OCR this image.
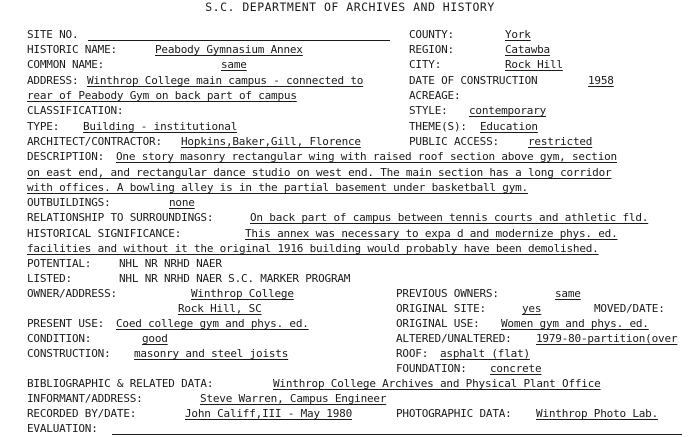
S.C. DEPARTMENT OF ARCHIVES AND HISTORY
SITE NO.	COUNTY:	York
HISTORIC NAME:	Peabody Gymnasium Annex	REGION:	Catawba
COMMON NAME:	same	CITY:	Rock Hill
ADDRESS: Winthrop College main campus - connected to	DATE OF CONSTRUCTION	1958
rear of Peabody Gym on back part of campus	ACREAGE:
CLASSIFICATION:	STYLE: contemporary
TYPE: Building - institutional	THEME(S): Education
ARCHITECT/CONTRACTOR: Hopkins,Baker,Gill, Florence	PUBLIC ACCESS:	restricted
DESCRIPTION: One story masonry rectangular wing with raised roof section above gym, section
on east end, and rectangular dance studio on west end. The main section has a long corridor
with offices. A bowling alley is in the partial basement under basketball gym.
OUTBUILDINGS:	none
RELATIONSHIP TO SURROUNDINGS:	On back part of campus between tennis courts and athletic fld.
HISTORICAL SIGNIFICANCE:	This annex was necessary to expa d and modernize phys. ed.
facilities and without it the original 1916 building would probably have been demolished.
POTENTIAL:	NHL NR NRHD NAER
LISTED:	NHL NR NRHD NAER S.C. MARKER PROGRAM
OWNER/ADDRESS:	Winthrop College	PREVIOUS OWNERS:	same
Rock Hill, SC	ORIGINAL SITE:	yes	MOVED/DATE:
PRESENT USE: Coed college gym and phys. ed.	ORIGINAL USE: Women gym and phys. ed.
CONDITION:	good	ALTERED/UNALTERED: 1979-80-partition(over
CONSTRUCTION: masonry and steel joists	ROOF: asphalt (flat)
FOUNDATION: concrete
BIBLIOGRAPHIC & RELATED DATA:	Winthrop College Archives and Physical Plant Office
INFORMANT/ADDRESS:	Steve Warren, Campus Engineer
RECORDED BY/DATE:	John Califf,III - May 1980	PHOTOGRAPHIC DATA: Winthrop Photo Lab.
EVALUATION:
